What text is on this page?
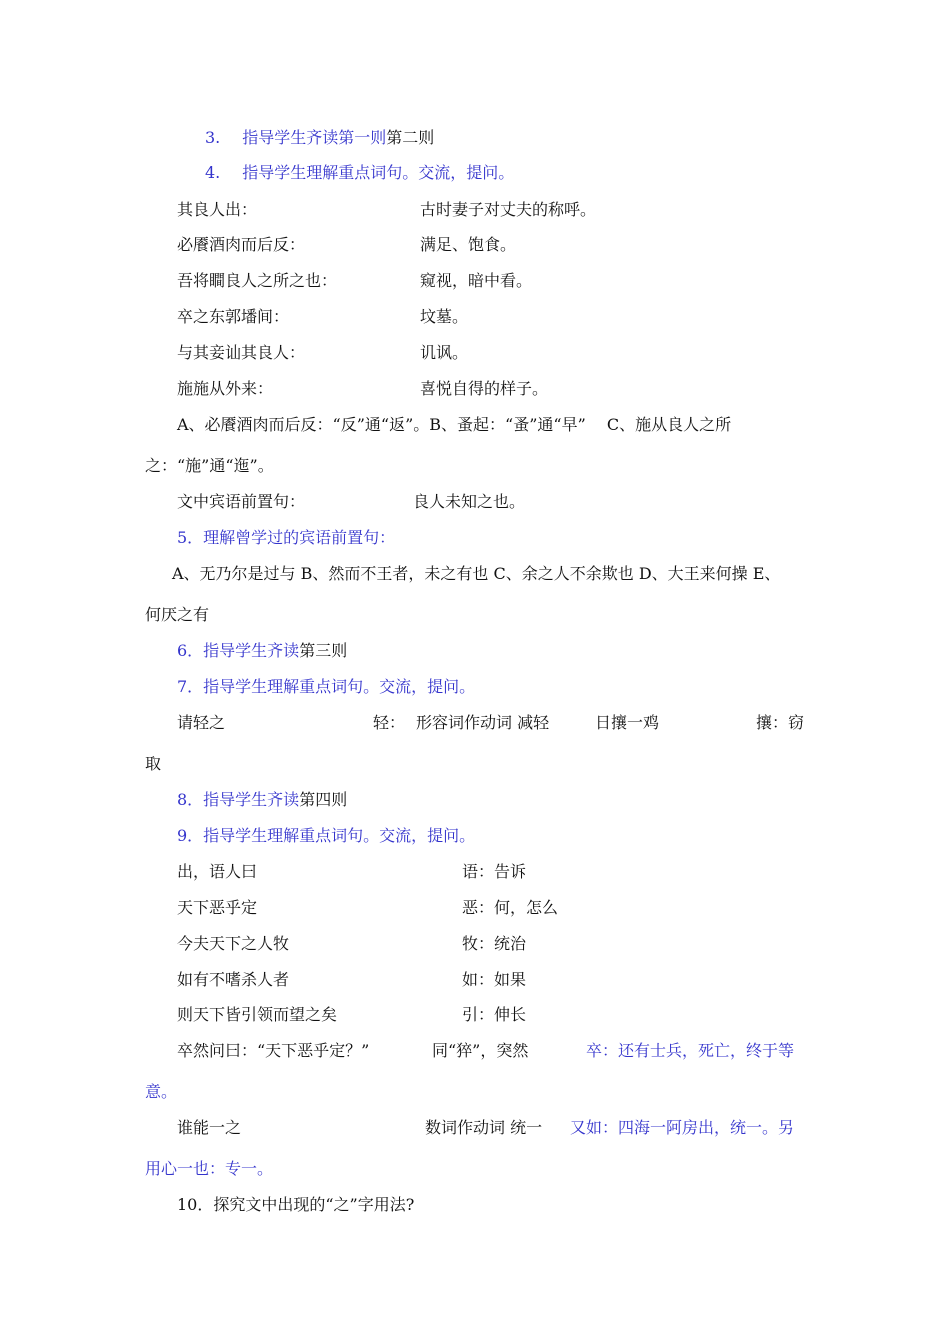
3. 指导学生齐读第一则第二则
4. 指导学生理解重点词句。交流，提问。
其良人出：	古时妻子对丈夫的称呼。
必餍酒肉而后反：	满足、饱食。
吾将瞷良人之所之也：	窥视，暗中看。
卒之东郭墦间：	坟墓。
与其妾讪其良人：	讥讽。
施施从外来：	喜悦自得的样子。
A、必餍酒肉而后反：“反”通“返”。B、蚤起：“蚤”通“早”　 C、施从良人之所
之：“施”通“迤”。
文中宾语前置句：	良人未知之也。
5．理解曾学过的宾语前置句：
A、无乃尔是过与 B、然而不王者，未之有也 C、余之人不余欺也 D、大王来何操 E、
何厌之有
6．指导学生齐读第三则
7．指导学生理解重点词句。交流，提问。
请轻之	轻： 形容词作动词 减轻	日攘一鸡	攘：窃
取
8．指导学生齐读第四则
9．指导学生理解重点词句。交流，提问。
出，语人曰	语：告诉
天下恶乎定	恶：何，怎么
今夫天下之人牧	牧：统治
如有不嗜杀人者	如：如果
则天下皆引领而望之矣	引：伸长
卒然问曰：“天下恶乎定？”	同“猝”，突然	卒：还有士兵，死亡，终于等
意。
谁能一之	数词作动词 统一 又如：四海一阿房出，统一。另
用心一也：专一。
10．探究文中出现的“之”字用法?
